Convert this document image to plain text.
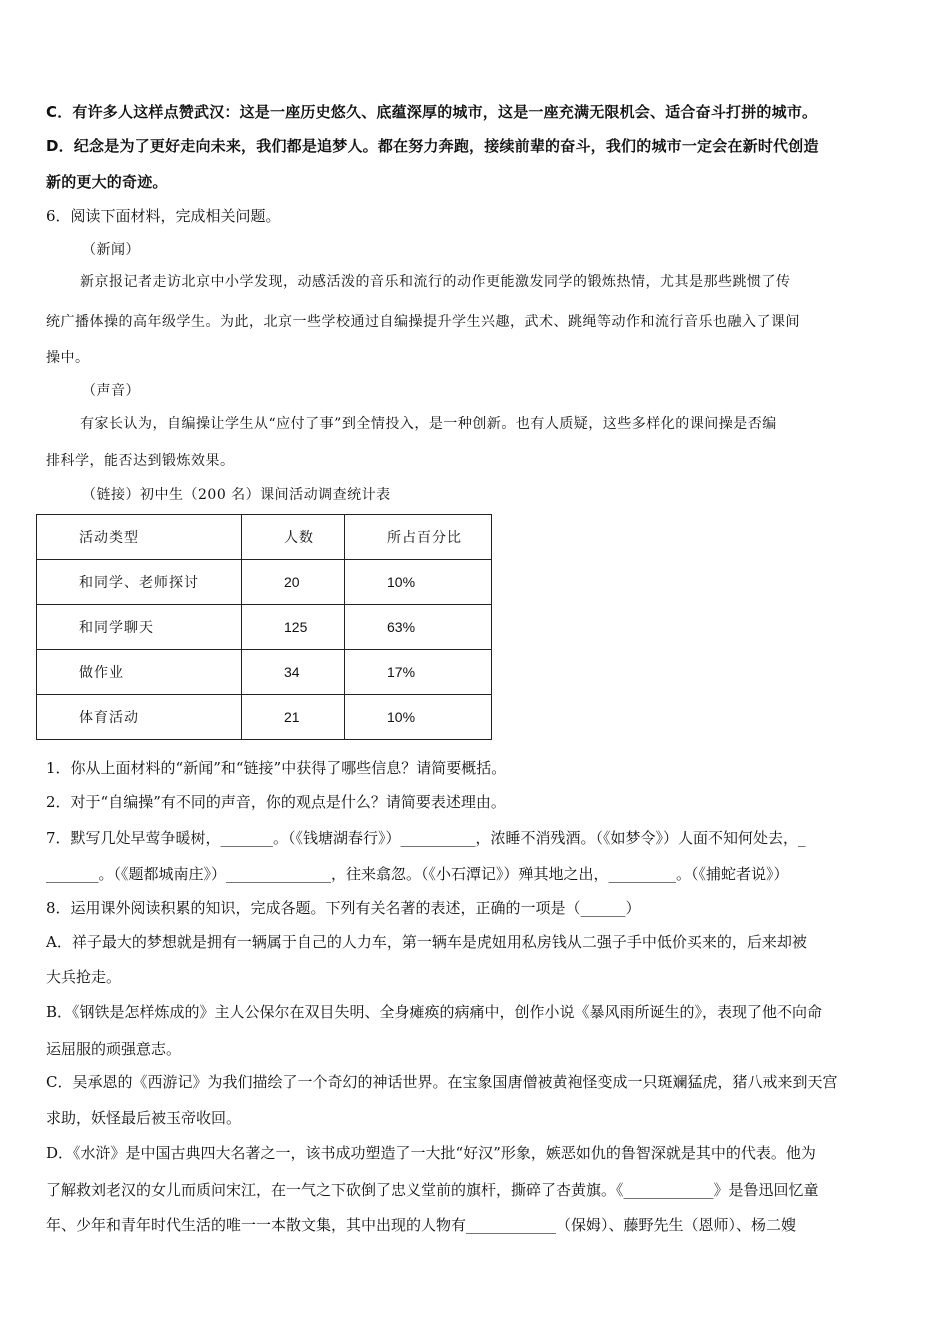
C．有许多人这样点赞武汉：这是一座历史悠久、底蕴深厚的城市，这是一座充满无限机会、适合奋斗打拼的城市。
D．纪念是为了更好走向未来，我们都是追梦人。都在努力奔跑，接续前辈的奋斗，我们的城市一定会在新时代创造
新的更大的奇迹。
6．阅读下面材料，完成相关问题。
（新闻）
新京报记者走访北京中小学发现，动感活泼的音乐和流行的动作更能激发同学的锻炼热情，尤其是那些跳惯了传
统广播体操的高年级学生。为此，北京一些学校通过自编操提升学生兴趣，武术、跳绳等动作和流行音乐也融入了课间
操中。
（声音）
有家长认为，自编操让学生从“应付了事”到全情投入，是一种创新。也有人质疑，这些多样化的课间操是否编
排科学，能否达到锻炼效果。
（链接）初中生（200 名）课间活动调查统计表
活动类型	人数	所占百分比
和同学、老师探讨	20	10%
和同学聊天	125	63%
做作业	34	17%
体育活动	21	10%
1．你从上面材料的“新闻”和“链接”中获得了哪些信息？请简要概括。
2．对于“自编操”有不同的声音，你的观点是什么？请简要表述理由。
7．默写几处早莺争暖树，_______。（《钱塘湖春行》）__________，浓睡不消残酒。（《如梦令》）人面不知何处去，_
_______。（《题都城南庄》）______________，往来翕忽。（《小石潭记》）殚其地之出，_________。（《捕蛇者说》）
8．运用课外阅读积累的知识，完成各题。下列有关名著的表述，正确的一项是（______）
A．祥子最大的梦想就是拥有一辆属于自己的人力车，第一辆车是虎妞用私房钱从二强子手中低价买来的，后来却被
大兵抢走。
B．《钢铁是怎样炼成的》主人公保尔在双目失明、全身瘫痪的病痛中，创作小说《暴风雨所诞生的》，表现了他不向命
运屈服的顽强意志。
C．吴承恩的《西游记》为我们描绘了一个奇幻的神话世界。在宝象国唐僧被黄袍怪变成一只斑斓猛虎，猪八戒来到天宫
求助，妖怪最后被玉帝收回。
D．《水浒》是中国古典四大名著之一，该书成功塑造了一大批“好汉”形象，嫉恶如仇的鲁智深就是其中的代表。他为
了解救刘老汉的女儿而质问宋江，在一气之下砍倒了忠义堂前的旗杆，撕碎了杏黄旗。《____________》是鲁迅回忆童
年、少年和青年时代生活的唯一一本散文集，其中出现的人物有____________（保姆）、藤野先生（恩师）、杨二嫂
